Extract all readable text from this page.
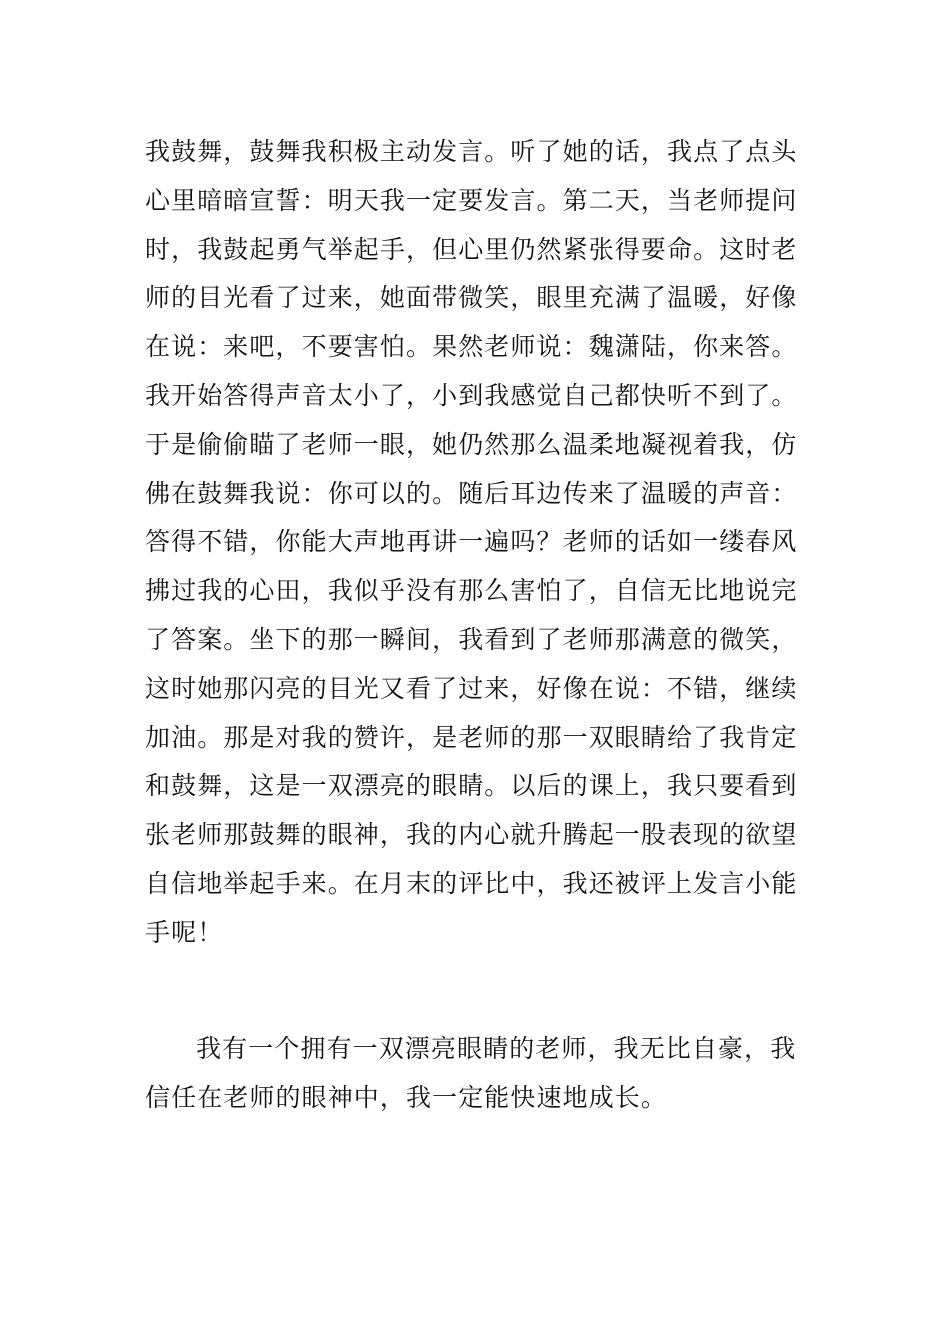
我鼓舞，鼓舞我积极主动发言。听了她的话，我点了点头
心里暗暗宣誓：明天我一定要发言。第二天，当老师提问
时，我鼓起勇气举起手，但心里仍然紧张得要命。这时老
师的目光看了过来，她面带微笑，眼里充满了温暖，好像
在说：来吧，不要害怕。果然老师说：魏潇陆，你来答。
我开始答得声音太小了，小到我感觉自己都快听不到了。
于是偷偷瞄了老师一眼，她仍然那么温柔地凝视着我，仿
佛在鼓舞我说：你可以的。随后耳边传来了温暖的声音：
答得不错，你能大声地再讲一遍吗？老师的话如一缕春风
拂过我的心田，我似乎没有那么害怕了，自信无比地说完
了答案。坐下的那一瞬间，我看到了老师那满意的微笑，
这时她那闪亮的目光又看了过来，好像在说：不错，继续
加油。那是对我的赞许，是老师的那一双眼睛给了我肯定
和鼓舞，这是一双漂亮的眼睛。以后的课上，我只要看到
张老师那鼓舞的眼神，我的内心就升腾起一股表现的欲望
自信地举起手来。在月末的评比中，我还被评上发言小能
手呢！
我有一个拥有一双漂亮眼睛的老师，我无比自豪，我
信任在老师的眼神中，我一定能快速地成长。
